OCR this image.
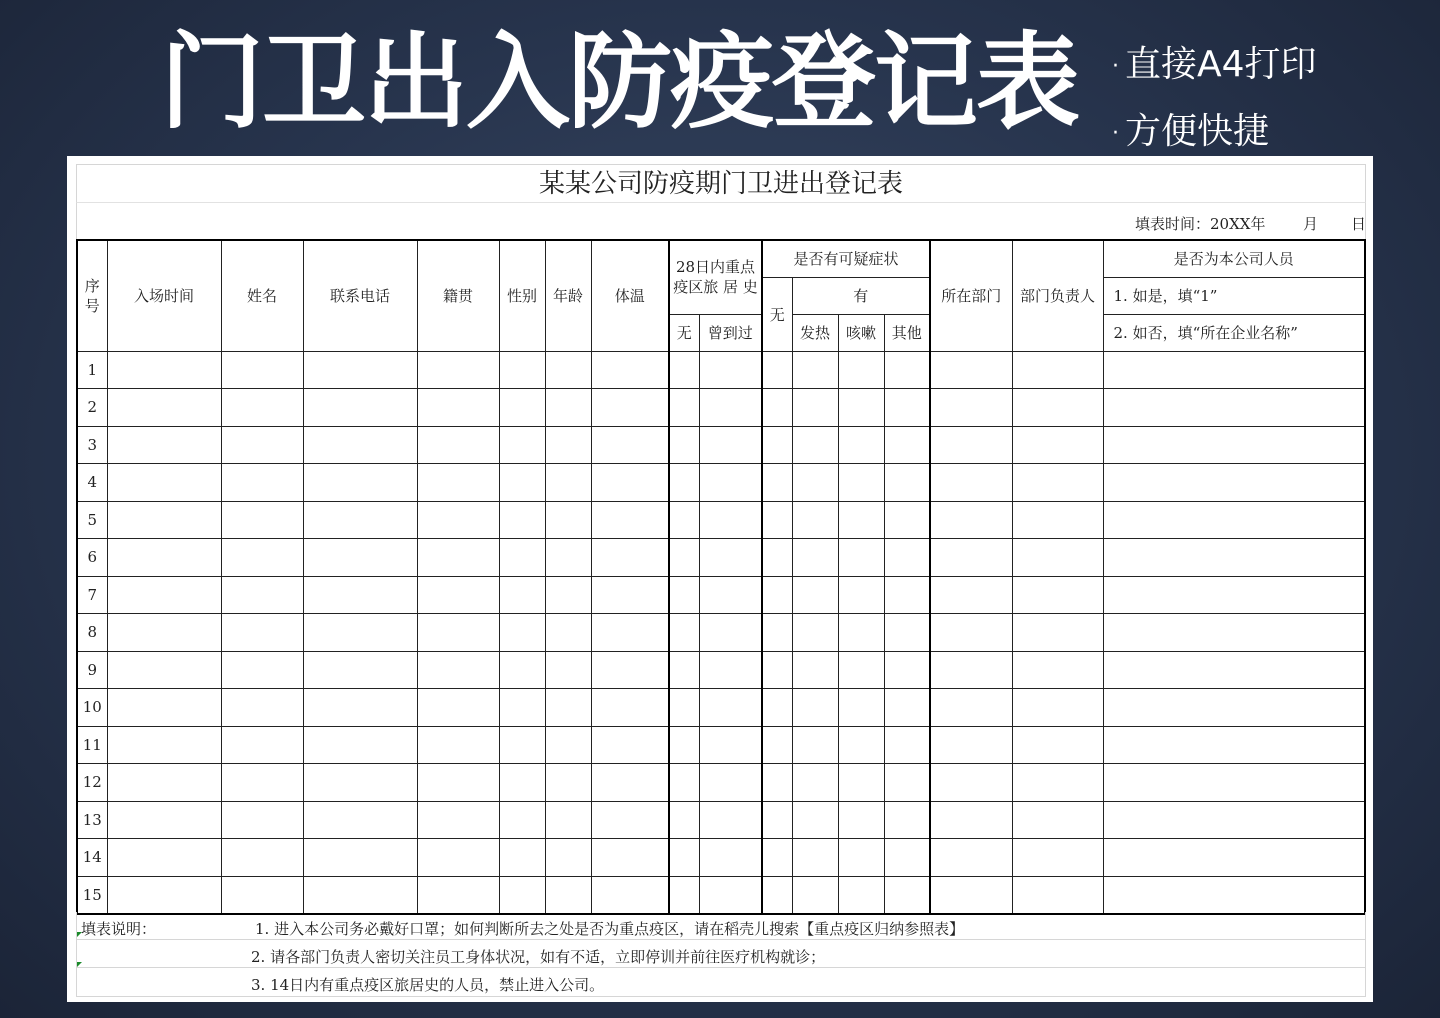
门卫出入防疫登记表 · 直接A4打印
· 方便快捷
某某公司防疫期门卫进出登记表
填表时间：20XX年	月 日
序号	入场时间	姓名	联系电话	籍贯	性别	年龄	体温	28日内重点疫区旅 居 史		是否有可疑症状				所在部门	部门负责人	是否为本公司人员
										无	有					1. 如是，填“1”
								无	曾到过		发热	咳嗽	其他			2. 如否，填“所在企业名称”
1																
2																
3																
4																
5																
6																
7																
8																
9																
10																
11																
12																
13																
14																
15																
填表说明：	1. 进入本公司务必戴好口罩；如何判断所去之处是否为重点疫区，请在稻壳儿搜索【重点疫区归纳参照表】
2. 请各部门负责人密切关注员工身体状况，如有不适，立即停训并前往医疗机构就诊；
3. 14日内有重点疫区旅居史的人员，禁止进入公司。
